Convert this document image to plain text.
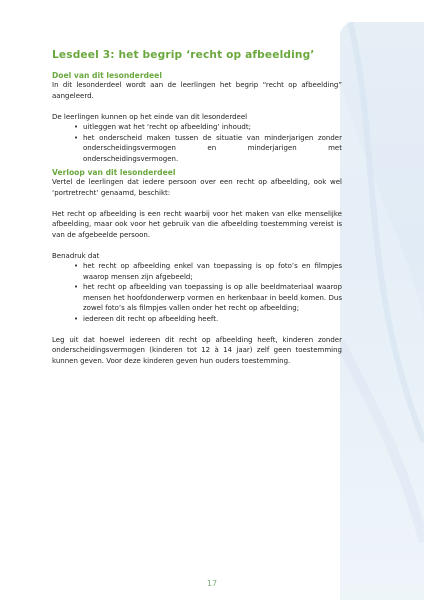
Lesdeel 3: het begrip ‘recht op afbeelding’
Doel van dit lesonderdeel

In dit lesonderdeel wordt aan de leerlingen het begrip “recht op afbeelding” aangeleerd.

De leerlingen kunnen op het einde van dit lesonderdeel

• uitleggen wat het ‘recht op afbeelding’ inhoudt;
• het onderscheid maken tussen de situatie van minderjarigen zonder onderscheidingsvermogen en minderjarigen met onderscheidingsvermogen.
Verloop van dit lesonderdeel

Vertel de leerlingen dat iedere persoon over een recht op afbeelding, ook wel ‘portretrecht’ genaamd, beschikt:

Het recht op afbeelding is een recht waarbij voor het maken van elke menselijke afbeelding, maar ook voor het gebruik van die afbeelding toestemming vereist is van de afgebeelde persoon.

Benadruk dat

• het recht op afbeelding enkel van toepassing is op foto’s en filmpjes waarop mensen zijn afgebeeld;
• het recht op afbeelding van toepassing is op alle beeldmateriaal waarop mensen het hoofdonderwerp vormen en herkenbaar in beeld komen. Dus zowel foto’s als filmpjes vallen onder het recht op afbeelding;
• iedereen dit recht op afbeelding heeft.

Leg uit dat hoewel iedereen dit recht op afbeelding heeft, kinderen zonder onderscheidingsvermogen (kinderen tot 12 à 14 jaar) zelf geen toestemming kunnen geven. Voor deze kinderen geven hun ouders toestemming.

17
